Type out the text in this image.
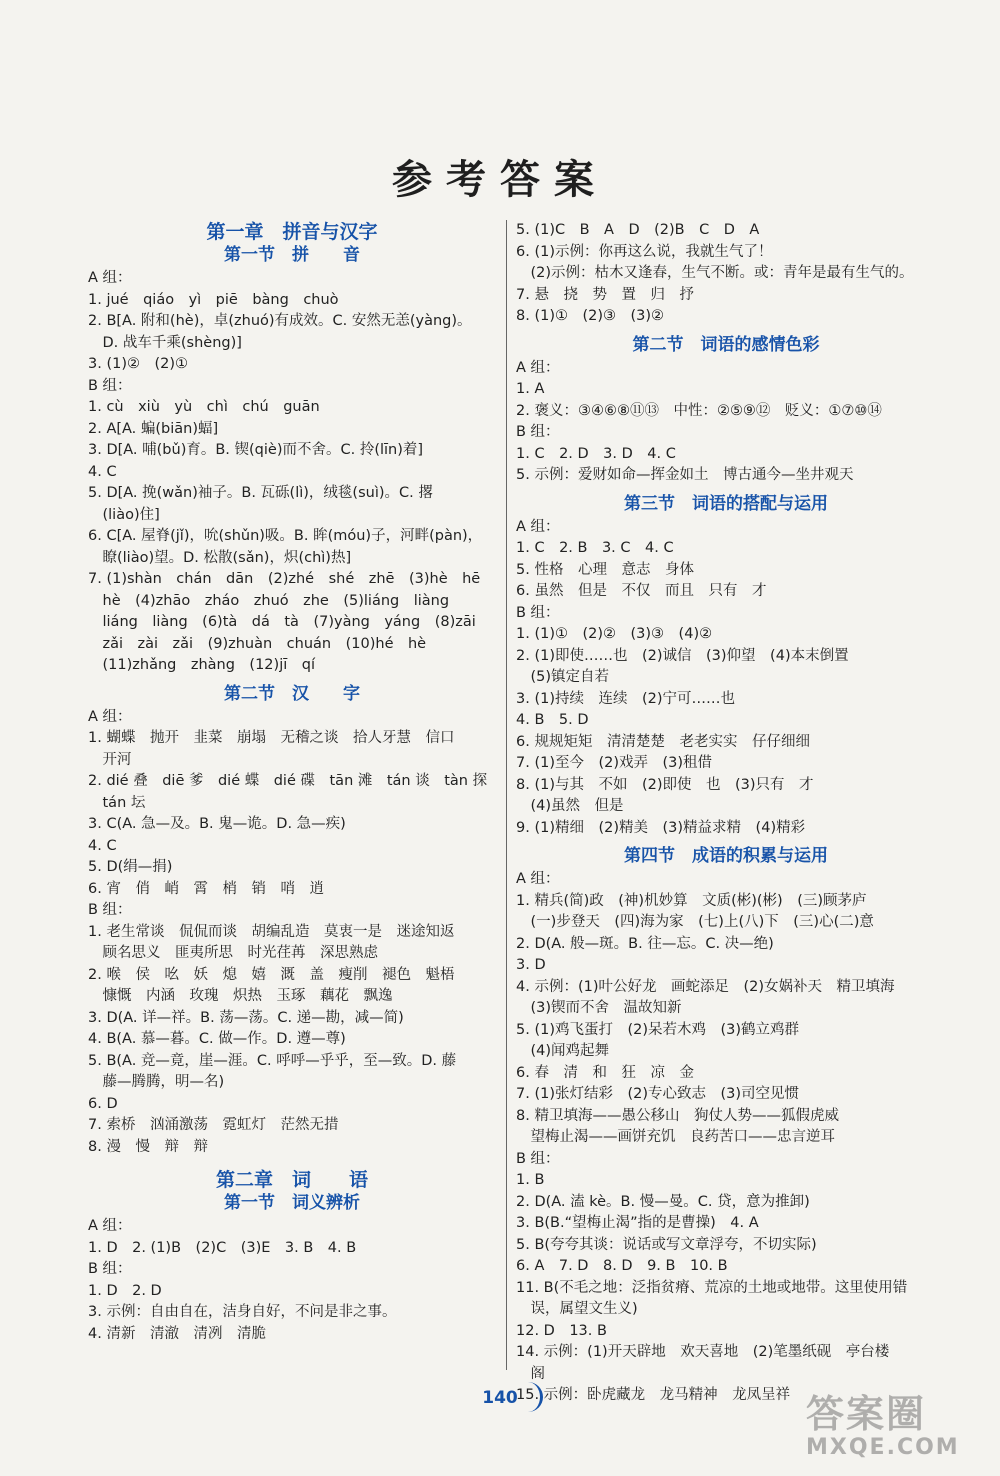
参考答案
第一章　拼音与汉字
第一节　拼　　音
A 组：
1. jué　qiáo　yì　piē　bàng　chuò
2. B[A. 附和(hè)，卓(zhuó)有成效。C. 安然无恙(yàng)。
　D. 战车千乘(shèng)]
3. (1)②　(2)①
B 组：
1. cù　xiù　yù　chì　chú　guān
2. A[A. 蝙(biān)蝠]
3. D[A. 哺(bǔ)育。B. 锲(qiè)而不舍。C. 拎(līn)着]
4. C
5. D[A. 挽(wǎn)袖子。B. 瓦砾(lì)，绒毯(suì)。C. 撂
　(liào)住]
6. C[A. 屋脊(jǐ)，吮(shǔn)吸。B. 眸(móu)子，河畔(pàn)，
　瞭(liào)望。D. 松散(sǎn)，炽(chì)热]
7. (1)shàn　chán　dān　(2)zhé　shé　zhē　(3)hè　hē
　hè　(4)zhāo　zháo　zhuó　zhe　(5)liáng　liàng
　liáng　liàng　(6)tà　dá　tà　(7)yàng　yáng　(8)zāi
　zǎi　zài　zǎi　(9)zhuàn　chuán　(10)hé　hè
　(11)zhǎng　zhàng　(12)jī　qí
第二节　汉　　字
A 组：
1. 蝴蝶　抛开　韭菜　崩塌　无稽之谈　拾人牙慧　信口
　开河
2. dié 叠　diē 爹　dié 蝶　dié 碟　tān 滩　tán 谈　tàn 探
　tán 坛
3. C(A. 急—及。B. 鬼—诡。D. 急—疾)
4. C
5. D(绢—捐)
6. 宵　俏　峭　霄　梢　销　哨　逍
B 组：
1. 老生常谈　侃侃而谈　胡编乱造　莫衷一是　迷途知返
　顾名思义　匪夷所思　时光荏苒　深思熟虑
2. 喉　侯　吆　妖　熄　嬉　溉　盖　瘦削　褪色　魁梧
　慷慨　内涵　玫瑰　炽热　玉琢　藕花　飘逸
3. D(A. 详—祥。B. 荡—荡。C. 递—勘，减—简)
4. B(A. 慕—暮。C. 做—作。D. 遵—尊)
5. B(A. 竞—竟，崖—涯。C. 呼呼—乎乎，至—致。D. 藤
　藤—腾腾，明—名)
6. D
7. 索桥　汹涌激荡　霓虹灯　茫然无措
8. 漫　慢　辩　辩
第二章　词　　语
第一节　词义辨析
A 组：
1. D　2. (1)B　(2)C　(3)E　3. B　4. B
B 组：
1. D　2. D
3. 示例：自由自在，洁身自好，不问是非之事。
4. 清新　清澈　清冽　清脆
5. (1)C　B　A　D　(2)B　C　D　A
6. (1)示例：你再这么说，我就生气了！
　(2)示例：枯木又逢春，生气不断。或：青年是最有生气的。
7. 悬　挠　势　置　归　抒
8. (1)①　(2)③　(3)②
第二节　词语的感情色彩
A 组：
1. A
2. 褒义：③④⑥⑧⑪⑬　中性：②⑤⑨⑫　贬义：①⑦⑩⑭
B 组：
1. C　2. D　3. D　4. C
5. 示例：爱财如命—挥金如土　博古通今—坐井观天
第三节　词语的搭配与运用
A 组：
1. C　2. B　3. C　4. C
5. 性格　心理　意志　身体
6. 虽然　但是　不仅　而且　只有　才
B 组：
1. (1)①　(2)②　(3)③　(4)②
2. (1)即使……也　(2)诚信　(3)仰望　(4)本末倒置
　(5)镇定自若
3. (1)持续　连续　(2)宁可……也
4. B　5. D
6. 规规矩矩　清清楚楚　老老实实　仔仔细细
7. (1)至今　(2)戏弄　(3)租借
8. (1)与其　不如　(2)即使　也　(3)只有　才
　(4)虽然　但是
9. (1)精细　(2)精美　(3)精益求精　(4)精彩
第四节　成语的积累与运用
A 组：
1. 精兵(简)政　(神)机妙算　文质(彬)(彬)　(三)顾茅庐
　(一)步登天　(四)海为家　(七)上(八)下　(三)心(二)意
2. D(A. 般—斑。B. 往—忘。C. 决—绝)
3. D
4. 示例：(1)叶公好龙　画蛇添足　(2)女娲补天　精卫填海
　(3)锲而不舍　温故知新
5. (1)鸡飞蛋打　(2)呆若木鸡　(3)鹤立鸡群
　(4)闻鸡起舞
6. 春　清　和　狂　凉　金
7. (1)张灯结彩　(2)专心致志　(3)司空见惯
8. 精卫填海——愚公移山　狗仗人势——狐假虎威
　望梅止渴——画饼充饥　良药苦口——忠言逆耳
B 组：
1. B
2. D(A. 溘 kè。B. 慢—曼。C. 贷，意为推卸)
3. B(B.“望梅止渴”指的是曹操)　4. A
5. B(夸夸其谈：说话或写文章浮夸，不切实际)
6. A　7. D　8. D　9. B　10. B
11. B(不毛之地：泛指贫瘠、荒凉的土地或地带。这里使用错
　误，属望文生义)
12. D　13. B
14. 示例：(1)开天辟地　欢天喜地　(2)笔墨纸砚　亭台楼
　阁
15. 示例：卧虎藏龙　龙马精神　龙凤呈祥
140	答案圈
MXQE.COM
